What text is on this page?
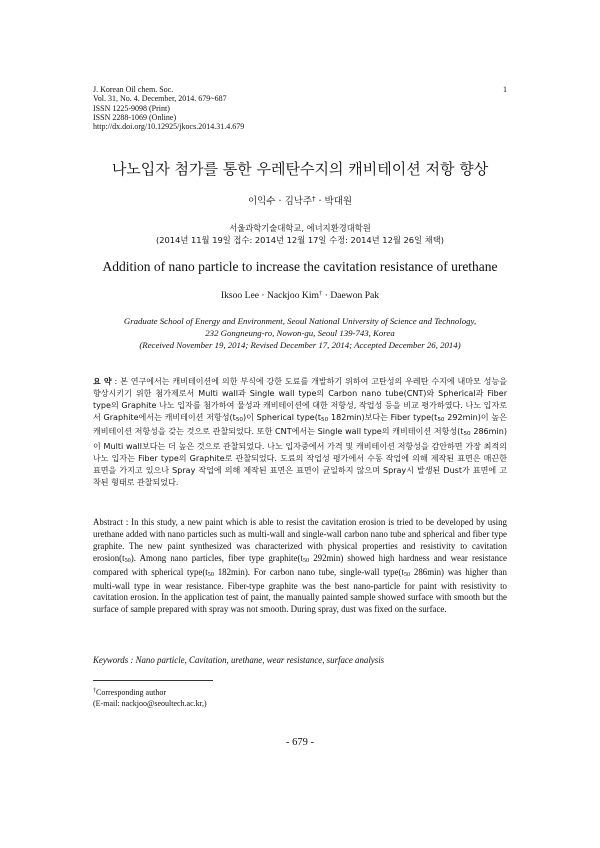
J. Korean Oil chem. Soc.
Vol. 31, No. 4. December, 2014. 679~687
ISSN 1225-9098 (Print)
ISSN 2288-1069 (Online)
http://dx.doi.org/10.12925/jkocs.2014.31.4.679
1
나노입자 첨가를 통한 우레탄수지의 캐비테이션 저항 향상
이익수 · 김낙주† · 박대원
서울과학기술대학교, 에너지환경대학원
(2014년 11월 19일 접수: 2014년 12월 17일 수정: 2014년 12월 26일 채택)
Addition of nano particle to increase the cavitation resistance of urethane
Iksoo Lee · Nackjoo Kim† · Daewon Pak
Graduate School of Energy and Environment, Seoul National University of Science and Technology,
232 Gongneung-ro, Nowon-gu, Seoul 139-743, Korea
(Received November 19, 2014; Revised December 17, 2014; Accepted December 26, 2014)
요 약 : 본 연구에서는 캐비테이션에 의한 부식에 강한 도료를 개발하기 위하여 고탄성의 우레탄 수지에 내마모 성능을 향상시키기 위한 첨가제로서 Multi wall과 Single wall type의 Carbon nano tube(CNT)와 Spherical과 Fiber type의 Graphite 나노 입자를 첨가하여 물성과 캐비테이션에 대한 저항성, 작업성 등을 비교 평가하였다. 나노 입자로서 Graphite에서는 캐비테이션 저항성(t50)이 Spherical type(t50 182min)보다는 Fiber type(t50 292min)이 높은 캐비테이션 저항성을 갖는 것으로 관찰되었다. 또한 CNT에서는 Single wall type의 캐비테이션 저항성(t50 286min)이 Multi wall보다는 더 높은 것으로 관찰되었다. 나노 입자중에서 가격 및 캐비테이션 저항성을 감안하면 가장 최적의 나노 입자는 Fiber type의 Graphite로 관찰되었다. 도료의 작업성 평가에서 수동 작업에 의해 제작된 표면은 매끈한 표면을 가지고 있으나 Spray 작업에 의해 제작된 표면은 표면이 균일하지 않으며 Spray시 발생된 Dust가 표면에 고착된 형태로 관찰되었다.
Abstract : In this study, a new paint which is able to resist the cavitation erosion is tried to be developed by using urethane added with nano particles such as multi-wall and single-wall carbon nano tube and spherical and fiber type graphite. The new paint synthesized was characterized with physical properties and resistivity to cavitation erosion(t50). Among nano particles, fiber type graphite(t50 292min) showed high hardness and wear resistance compared with spherical type(t50 182min). For carbon nano tube, single-wall type(t50 286min) was higher than multi-wall type in wear resistance. Fiber-type graphite was the best nano-particle for paint with resistivity to cavitation erosion. In the application test of paint, the manually painted sample showed surface with smooth but the surface of sample prepared with spray was not smooth. During spray, dust was fixed on the surface.
Keywords : Nano particle, Cavitation, urethane, wear resistance, surface analysis
†Corresponding author
(E-mail: nackjoo@seoultech.ac.kr,)
- 679 -
